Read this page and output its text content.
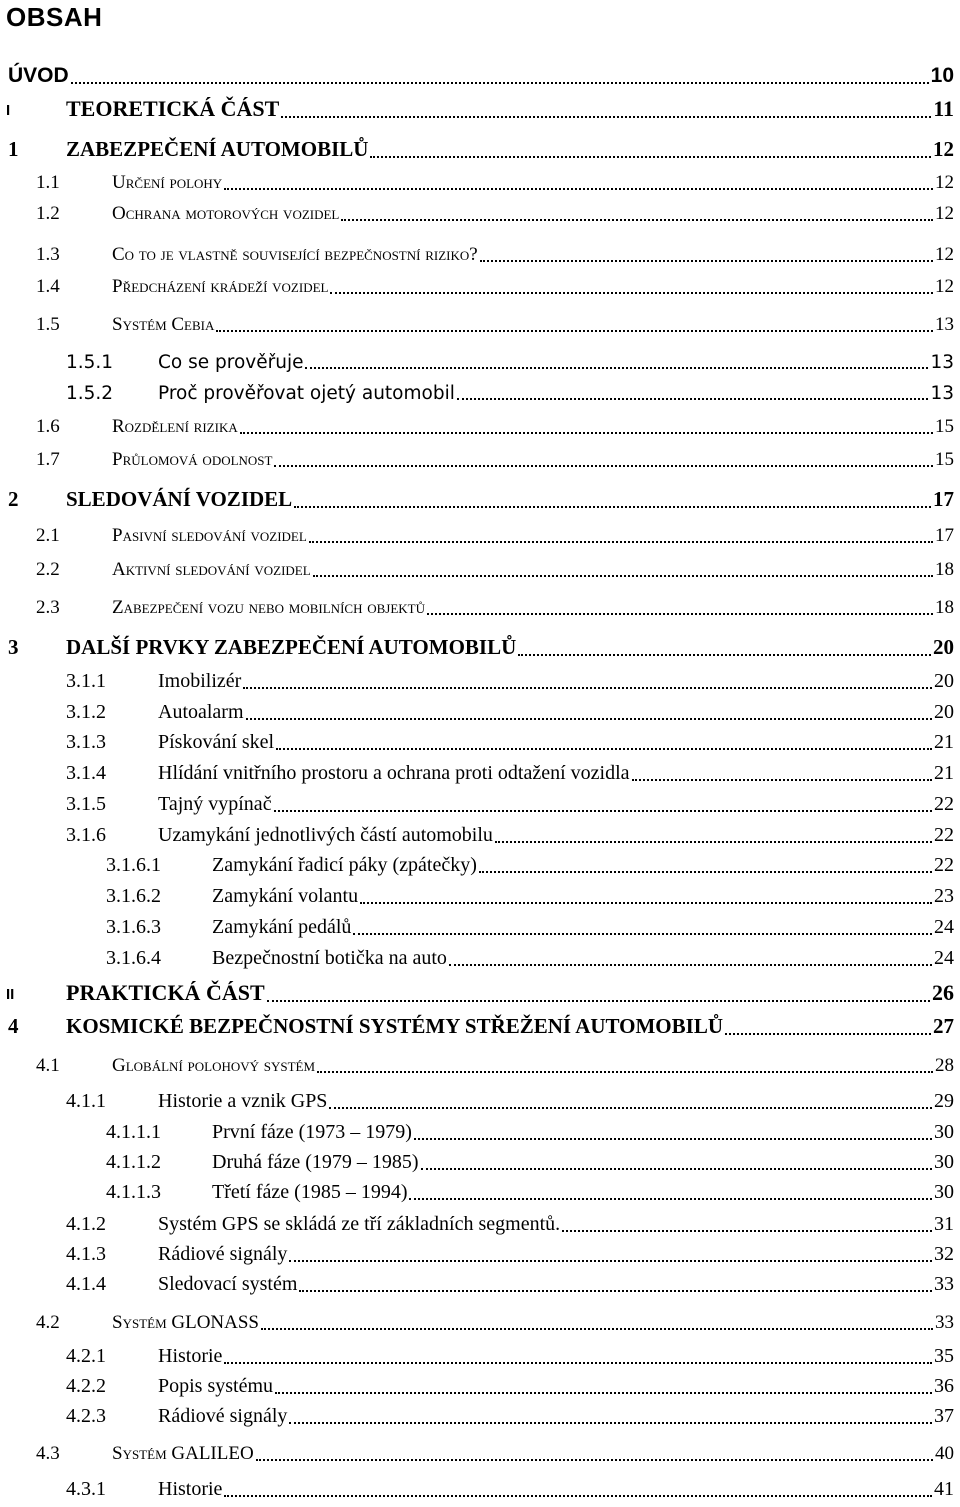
OBSAH
ÚVOD	10
I	TEORETICKÁ ČÁST	11
1 ZABEZPEČENÍ AUTOMOBILŮ	12
1.1	Určení polohy	12
1.2	Ochrana motorových vozidel	12
1.3	Co to je vlastně související bezpečnostní riziko?	12
1.4	Předcházení krádeží vozidel	12
1.5	Systém Cebia	13
1.5.1 Co se prověřuje	13
1.5.2 Proč prověřovat ojetý automobil	13
1.6	Rozdělení rizika	15
1.7	Průlomová odolnost	15
2 SLEDOVÁNÍ VOZIDEL	17
2.1	Pasivní sledování vozidel	17
2.2	Aktivní sledování vozidel	18
2.3	Zabezpečení vozu nebo mobilních objektů	18
3 DALŠÍ PRVKY ZABEZPEČENÍ AUTOMOBILŮ	20
3.1.1	Imobilizér	20
3.1.2	Autoalarm	20
3.1.3	Pískování skel	21
3.1.4	Hlídání vnitřního prostoru a ochrana proti odtažení vozidla	21
3.1.5	Tajný vypínač	22
3.1.6	Uzamykání jednotlivých částí automobilu	22
3.1.6.1	Zamykání řadicí páky (zpátečky)	22
3.1.6.2	Zamykání volantu	23
3.1.6.3	Zamykání pedálů	24
3.1.6.4	Bezpečnostní botička na auto	24
II PRAKTICKÁ ČÁST	26
4 KOSMICKÉ BEZPEČNOSTNÍ SYSTÉMY STŘEŽENÍ AUTOMOBILŮ	27
4.1	Globální polohový systém	28
4.1.1	Historie a vznik GPS	29
4.1.1.1	První fáze (1973 – 1979)	30
4.1.1.2	Druhá fáze (1979 – 1985)	30
4.1.1.3	Třetí fáze (1985 – 1994)	30
4.1.2	Systém GPS se skládá ze tří základních segmentů.	31
4.1.3	Rádiové signály	32
4.1.4	Sledovací systém	33
4.2	Systém GLONASS	33
4.2.1	Historie	35
4.2.2	Popis systému	36
4.2.3	Rádiové signály	37
4.3	Systém GALILEO	40
4.3.1	Historie	41
